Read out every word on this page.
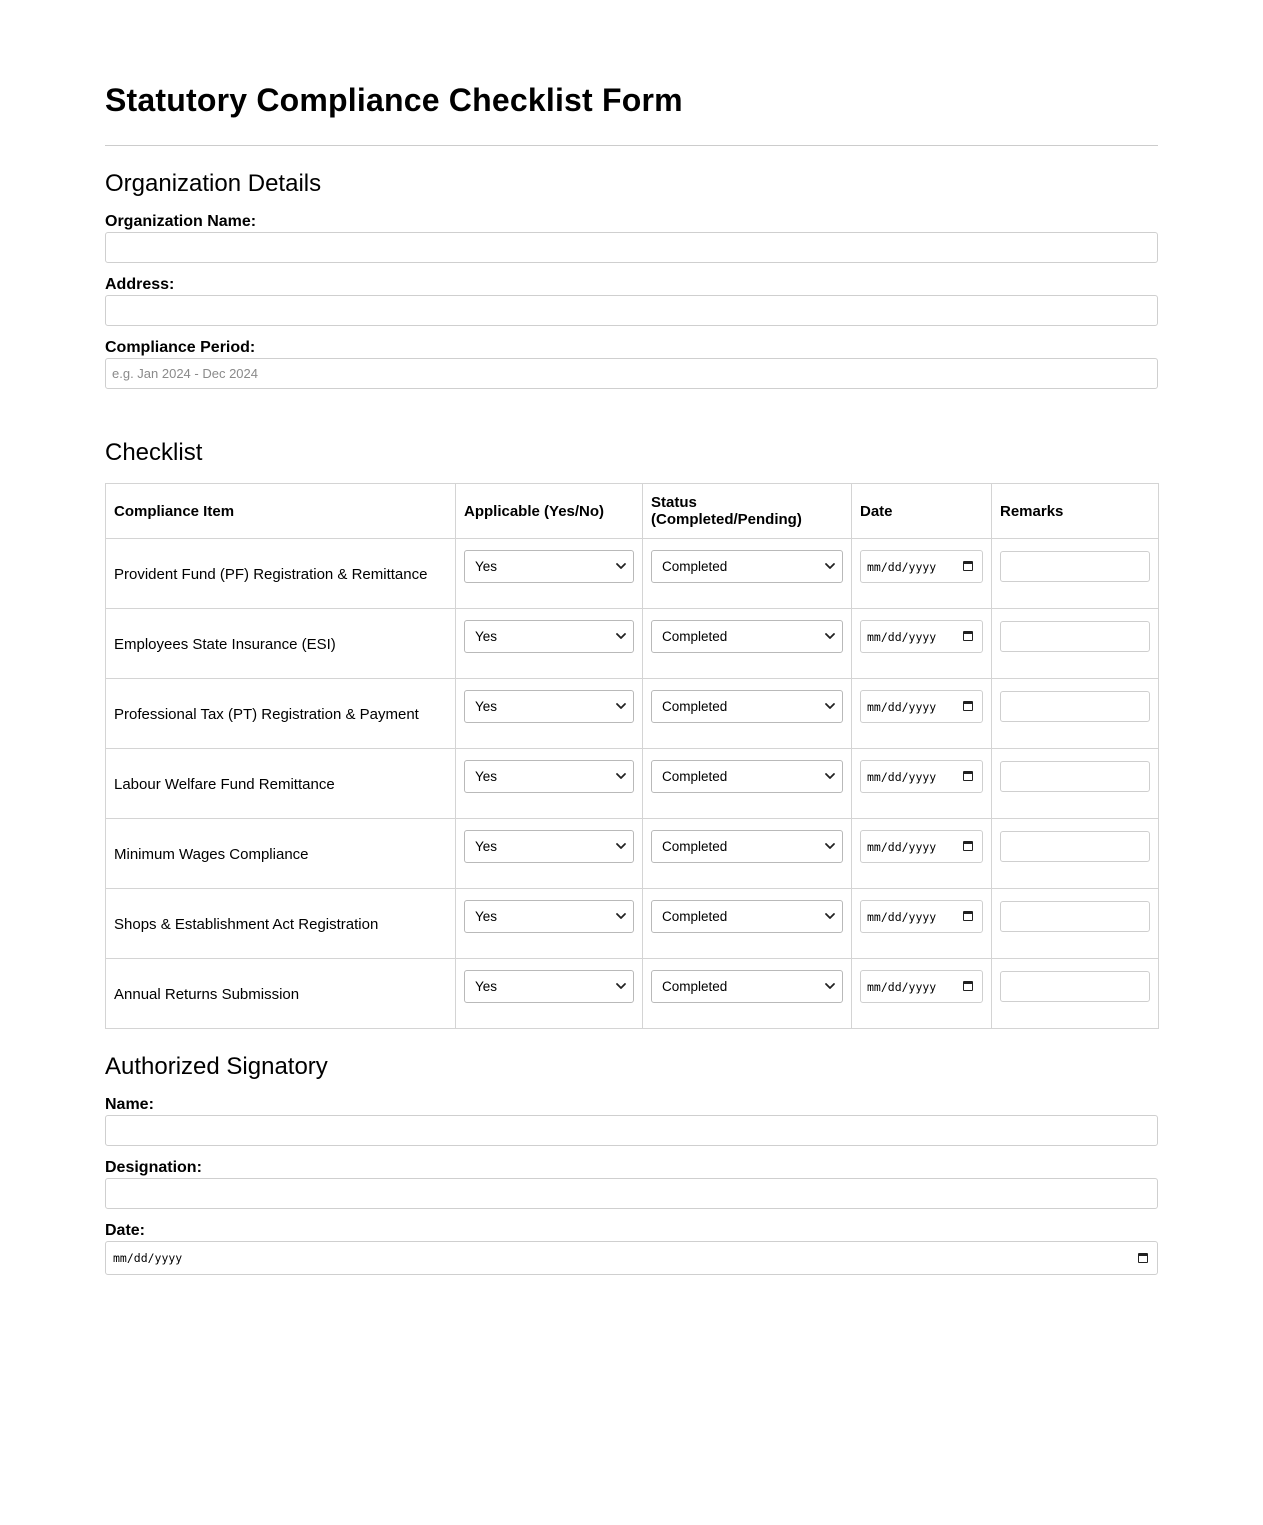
Statutory Compliance Checklist Form
Organization Details
Organization Name:
Address:
Compliance Period:
e.g. Jan 2024 - Dec 2024
Checklist
Compliance Item	Applicable (Yes/No)	Status (Completed/Pending)	Date	Remarks
Provident Fund (PF) Registration & Remittance	Yes	Completed	mm/dd/yyyy	

Employees State Insurance (ESI)	Yes	Completed	mm/dd/yyyy	

Professional Tax (PT) Registration & Payment	Yes	Completed	mm/dd/yyyy	

Labour Welfare Fund Remittance	Yes	Completed	mm/dd/yyyy	

Minimum Wages Compliance	Yes	Completed	mm/dd/yyyy	

Shops & Establishment Act Registration	Yes	Completed	mm/dd/yyyy	

Annual Returns Submission	Yes	Completed	mm/dd/yyyy	

Authorized Signatory
Name:
Designation:
Date:
mm/dd/yyyy
